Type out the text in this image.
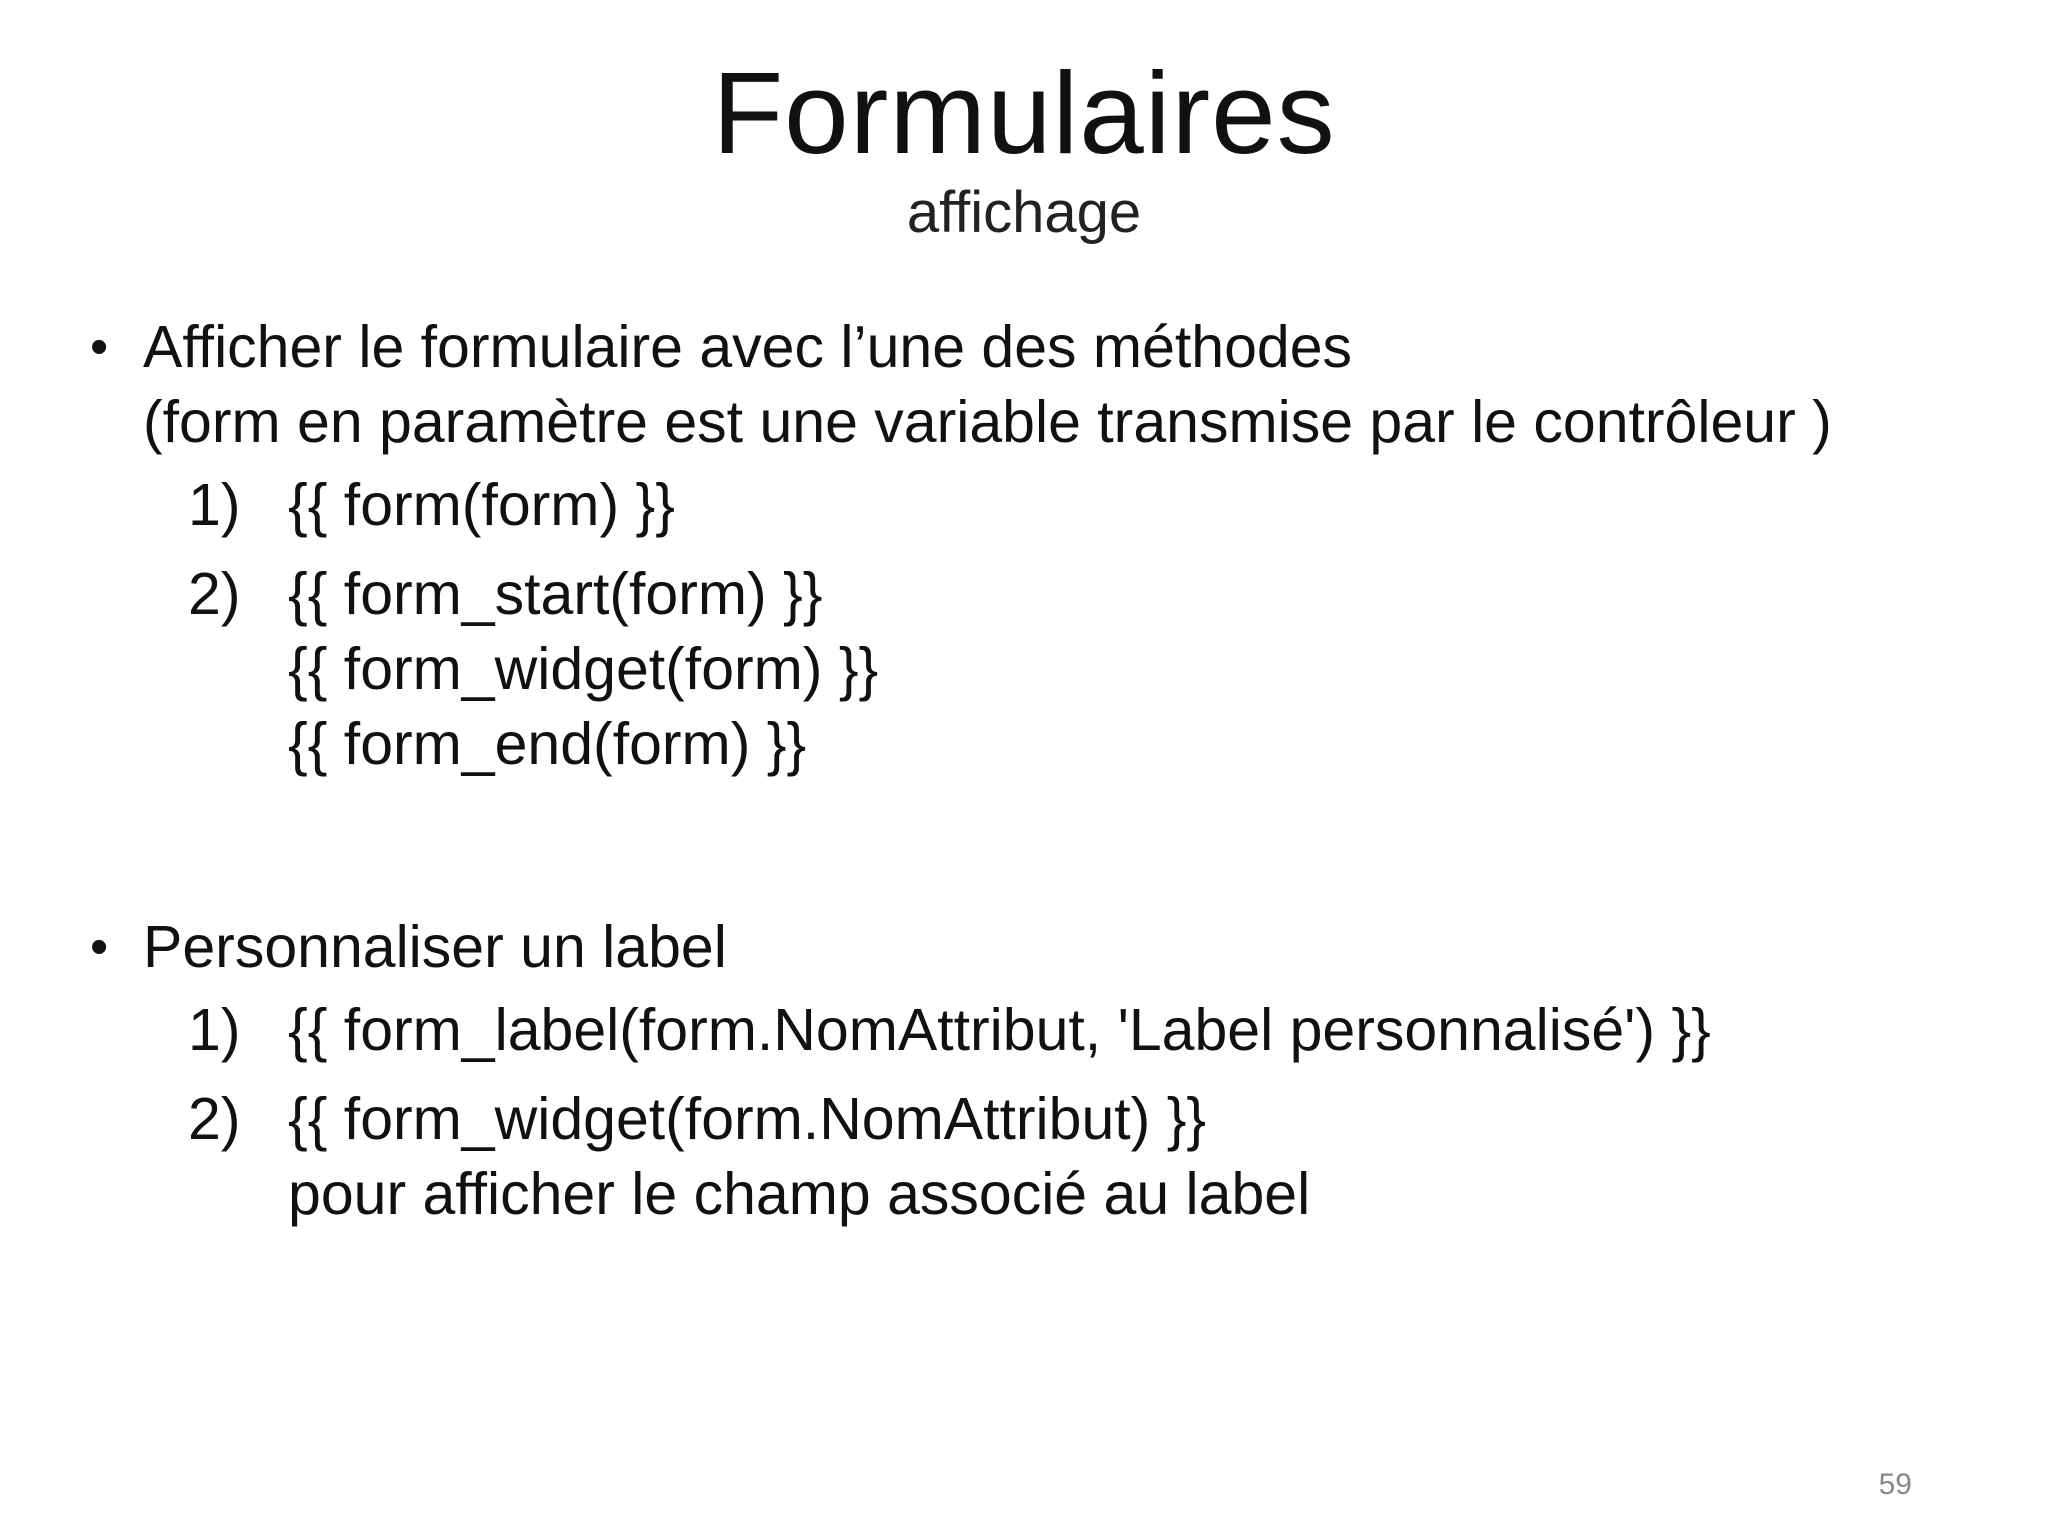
Formulaires
affichage
• Afficher le formulaire avec l’une des méthodes
(form en paramètre est une variable transmise par le contrôleur )
1) {{ form(form) }}
2) {{ form_start(form) }}
{{ form_widget(form) }}
{{ form_end(form) }}
• Personnaliser un label
1) {{ form_label(form.NomAttribut, 'Label personnalisé') }}
2) {{ form_widget(form.NomAttribut) }}
pour afficher le champ associé au label
59
